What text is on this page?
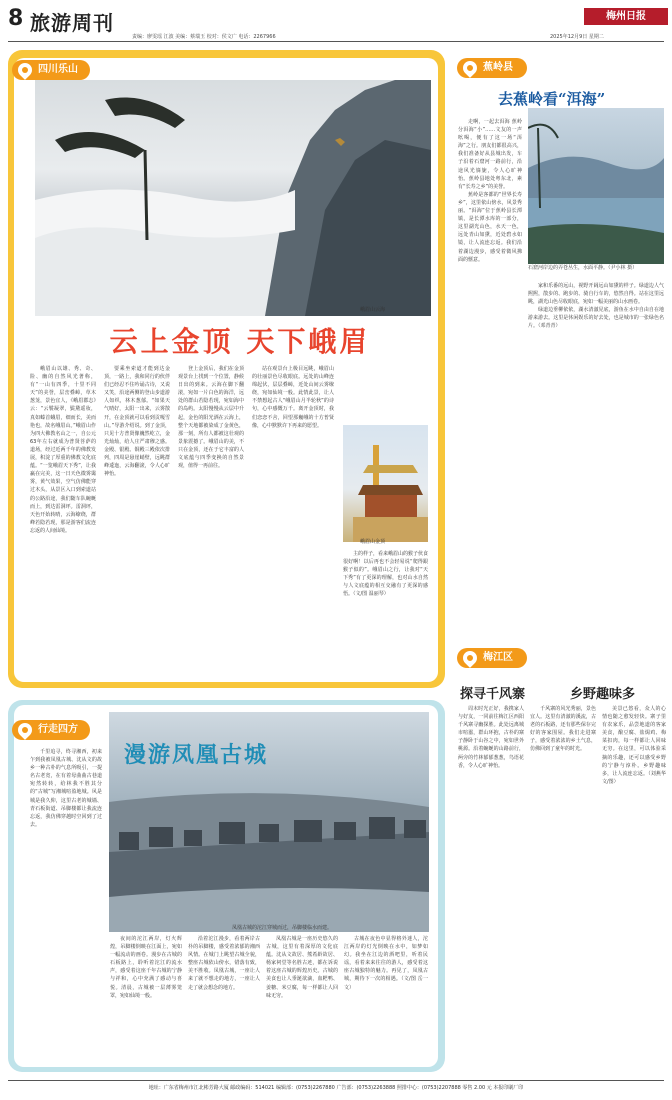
8 旅游周刊
责编：廖雯瑶 江波 美编：蔡瑞玉 校对：侯文广 电话：2267966
梅州日报
2025年12月9日 星期二
四川乐山
峨眉山云海
云上金顶 天下峨眉

峨眉山以雄、秀、奇、险、幽的自然风光著称，有“一山有四季，十里不同天”的美誉，层峦叠嶂，草木葱茏，景色宜人，《峨眉郡志》云：“云鬟凝翠，鬓黛遥妆，真如螓首蛾眉，细而长，美而艳也，故名峨眉山。”峨眉山作为四大佛教名山之一，自公元63年左右就成为普贤菩萨的道场，经过近两千年的佛教发展，积淀了厚重的佛教文化底蕴。“一览峨眉天下秀”，让我赢在完美，这一日天色微雾霭雾，黄气效果，空气仿佛能穿过木头，从景区入口到索道站的公路沿途，我们随车队蜿蜒而上，到达雷洞坪。雷洞坪，天色开始转晴，云海缭绕，群峰若隐若现，那是游客们流连忘返的人间仙境。

要乘坐索道才能到达金顶，一路上，我和同行的伙伴们已经忍不住吟诵古诗，又说又笑，沿途两侧的登山步道游人如织，林木葱郁。“如果天气晴好，太阳一出来，云雾散开，在金顶就可以看到贡嘎雪山。”导游介绍说。到了金顶，只见十方普贤像巍然屹立，金光灿灿，给人庄严肃穆之感。金殿、银殿、铜殿三殿依次排列，四周是悬崖峭壁，远眺群峰逶迤，云海翻滚，令人心旷神怡。

登上金顶后，我们在金顶观景台上找到一个位置，静候日出的到来。云海在脚下翻滚，宛如一片白色的海洋，远处的群山若隐若现，宛如海中的岛屿。太阳慢慢从云层中升起，金色的阳光洒在云海上，整个天地都被染成了金黄色，那一刻，所有人都被这壮观的景象震撼了。峨眉山的美，不只在金顶，还在于它丰富的人文底蕴与四季变换的自然景观，值得一再前往。

站在观景台上极目远眺，峨眉山的壮丽景色尽收眼底。远处的山峰连绵起伏，层层叠嶂，近处山间云雾缭绕，宛如仙境一般。此情此景，让人不禁想起古人“峨眉山月半轮秋”的诗句，心中感慨万千。离开金顶时，我们恋恋不舍，回望那巍峨的十方普贤像，心中默默许下再来的愿望。

峨眉山金顶

主的样子，看来峨眉山的猴子伙食很好啊！以后再也不会轻易说“爬得跟猴子似的”。峨眉山之行，让我对“天下秀”有了更深的理解，也对山水自然与人文底蕴的相互交融有了更深的感悟。（文/图 温丽琴）

行走四方
漫游凤凰古城
凤凰古城的沱江穿城而过，吊脚楼临水而建。

千里追寻，终寻湘西，初来乍到我被凤凰古城、沈从文的故乡一种古朴的气息所吸引，一提名古老宽，在有着母曲曲古巷道宛然转转，给林我不胜其分的“古城”写湘城喧盈地城。风是城是我久仰，这里古老的城墙、青石板街道、吊脚楼都让我流连忘返，我仿佛穿越时空回到了过去。

夜间的沱江两岸，灯火辉煌，吊脚楼倒映在江面上，宛如一幅流动的画卷。漫步在古城的石板路上，聆听着沱江的流水声，感受着这座千年古城的宁静与祥和，心中充满了感动与喜悦。清晨，古城被一层薄雾笼罩，宛如仙境一般。

沿着沱江漫步，看着两岸古朴的吊脚楼，感受着浓郁的湘西风情。在城门上眺望古城全貌，整座古城依山傍水，错落有致，美不胜收。凤凰古城，一座让人来了就不想走的地方，一座让人走了就会想念的地方。

凤凰古城是一座历史悠久的古城，这里有着深厚的文化底蕴。沈从文故居、熊希龄故居、杨家祠堂等名胜古迹，都在诉说着这座古城的辉煌历史。古城的美食也让人垂涎欲滴，血粑鸭、姜糖、米豆腐，每一样都让人回味无穷。

古城在夜色中显得格外迷人，沱江两岸的灯光倒映在水中，如梦如幻。我坐在江边的酒吧里，听着民谣，看着来来往往的游人，感受着这座古城独特的魅力。再见了，凤凰古城，期待下一次的相遇。（文/图 岳一文）

蕉岭县
去蕉岭看“洱海”
石窟河岸边的弄苍丛生，水面平静。（尹小林 摄）

走啊，一起去洱海 蕉岭分洱海“小”……文友的一声吆喝，便有了这一场“洱海”之行。朋友们都很高兴，我们准备好从县城出发，车子沿着石窟河一路前行，沿途风光旖旎，令人心旷神怡。蕉岭县地处粤东北，素有“长寿之乡”的美誉。

蕉岭是客都的“世界长寿乡”，这里依山傍水，风景秀丽。“洱海”位于蕉岭县长潭镇，是长潭水库的一部分，这里湖光山色，水天一色，远处青山如黛，近处碧水如镜，让人流连忘返。我们沿着湖边漫步，感受着微风拂面的惬意。

家和乐番的远山，视野开阔远山如黛的样子。绿道边人气熙熙，散步的、跑步的、骑自行车的，悠然自得。站在这里远眺，湖光山色尽收眼底，宛如一幅美丽的山水画卷。

绿道边垂柳依依，湖水清澈见底，游鱼在水中自由自在地游来游去。这里是休闲娱乐的好去处，也是城市的一张绿色名片。（邓青青）

梅江区
探寻千风寨	乡野趣味多

周末时光正好，我携家人与好友，一同前往梅江区西阳千风寨寻幽探胜。此处远离城市喧嚣，群山环抱，古朴的寨子静卧于山谷之中，宛如世外桃源。沿着蜿蜒的山路前行，两旁的竹林郁郁葱葱，鸟语花香，令人心旷神怡。

千风寨的风光秀丽，景色宜人。这里有清澈的溪流，古老的石板路，还有那些保存完好的客家围屋。我们走进寨子，感受着浓浓的乡土气息，仿佛回到了童年的时光。

美景已悠看，众人的心情也随之愈发轻快。寨子里有农家乐，品尝地道的客家美食，酿豆腐、盐焗鸡、梅菜扣肉，每一样都让人回味无穷。在这里，可以体验采摘的乐趣，还可以感受乡野的宁静与淳朴。乡野趣味多，让人流连忘返。（刘燕华 文/图）

地址：广东省梅州市江北彬芳路大厦 邮政编码：514021 编辑部：(0753)2267880 广告部：(0753)2263888 照排中心：(0753)2207888 零售 2.00 元 本报印刷厂印
